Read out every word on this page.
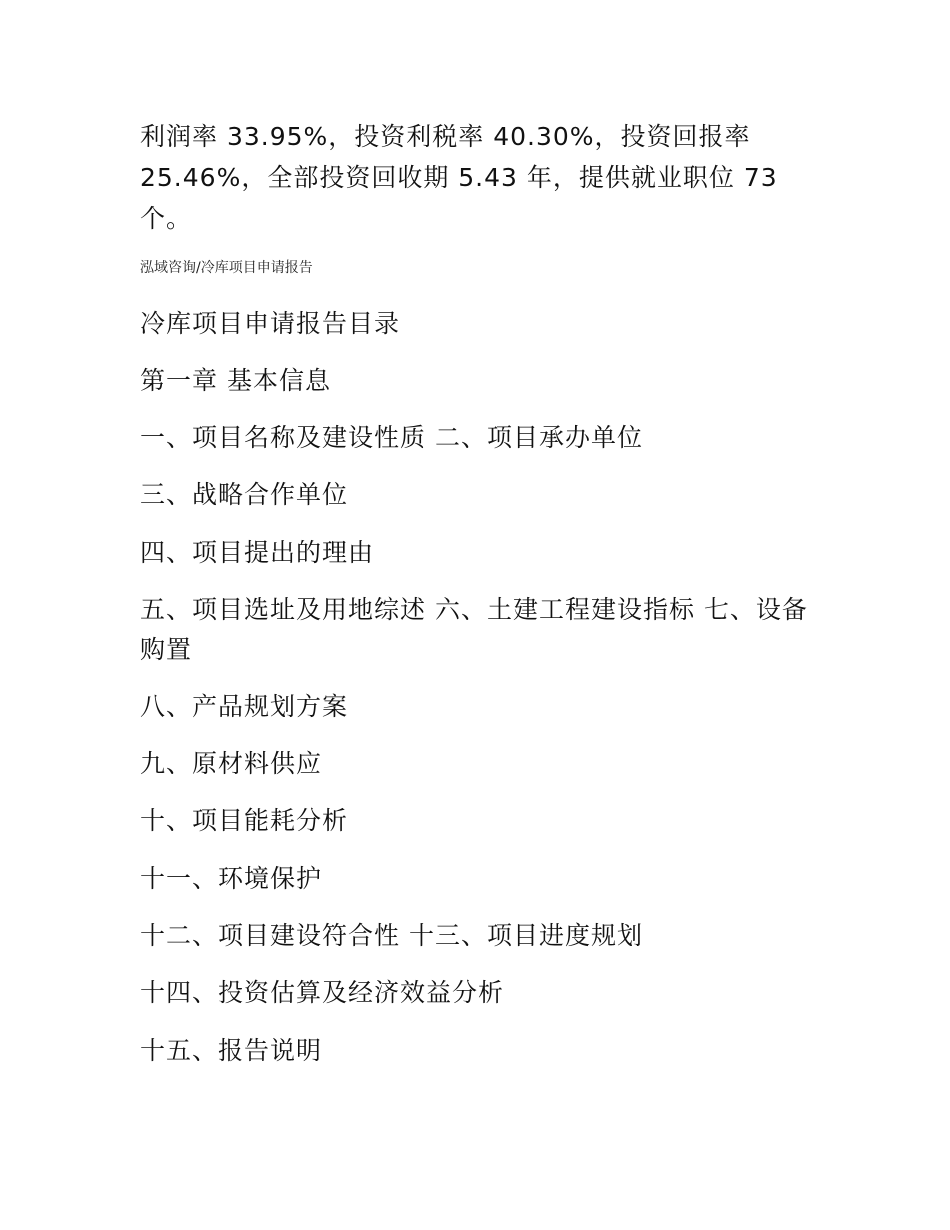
利润率 33.95%，投资利税率 40.30%，投资回报率 25.46%，全部投资回收期 5.43 年，提供就业职位 73 个。

泓域咨询/冷库项目申请报告

冷库项目申请报告目录

第一章 基本信息

一、项目名称及建设性质 二、项目承办单位

三、战略合作单位

四、项目提出的理由

五、项目选址及用地综述 六、土建工程建设指标 七、设备购置

八、产品规划方案

九、原材料供应

十、项目能耗分析

十一、环境保护

十二、项目建设符合性 十三、项目进度规划

十四、投资估算及经济效益分析

十五、报告说明
